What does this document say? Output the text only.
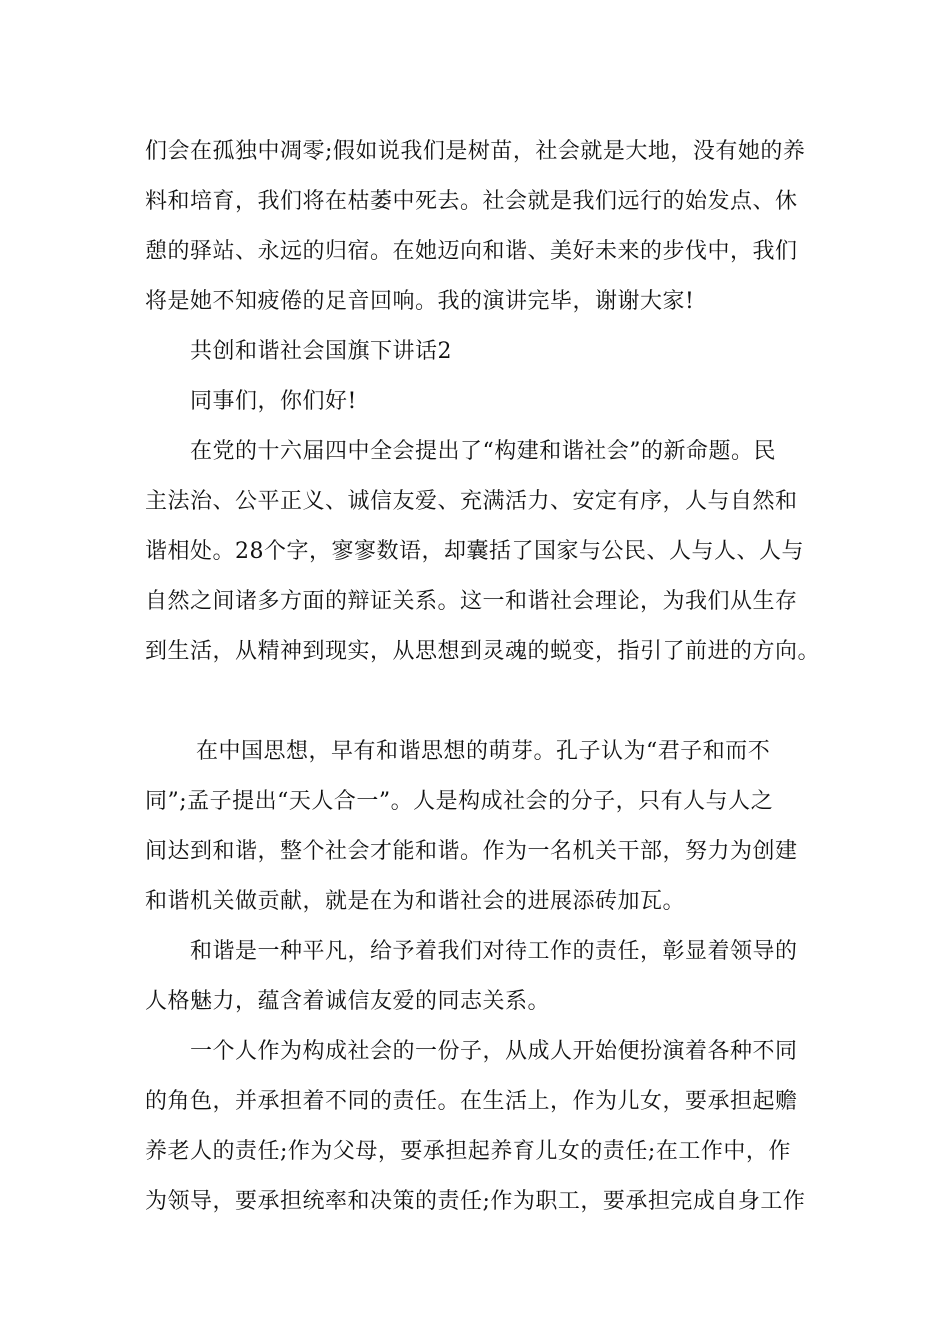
们会在孤独中凋零;假如说我们是树苗，社会就是大地，没有她的养
料和培育，我们将在枯萎中死去。社会就是我们远行的始发点、休
憩的驿站、永远的归宿。在她迈向和谐、美好未来的步伐中，我们
将是她不知疲倦的足音回响。我的演讲完毕，谢谢大家!
共创和谐社会国旗下讲话2
同事们，你们好!
在党的十六届四中全会提出了“构建和谐社会”的新命题。民
主法治、公平正义、诚信友爱、充满活力、安定有序，人与自然和
谐相处。28个字，寥寥数语，却囊括了国家与公民、人与人、人与
自然之间诸多方面的辩证关系。这一和谐社会理论，为我们从生存
到生活，从精神到现实，从思想到灵魂的蜕变，指引了前进的方向。
在中国思想，早有和谐思想的萌芽。孔子认为“君子和而不
同”;孟子提出“天人合一”。人是构成社会的分子，只有人与人之
间达到和谐，整个社会才能和谐。作为一名机关干部，努力为创建
和谐机关做贡献，就是在为和谐社会的进展添砖加瓦。
和谐是一种平凡，给予着我们对待工作的责任，彰显着领导的
人格魅力，蕴含着诚信友爱的同志关系。
一个人作为构成社会的一份子，从成人开始便扮演着各种不同
的角色，并承担着不同的责任。在生活上，作为儿女，要承担起赡
养老人的责任;作为父母，要承担起养育儿女的责任;在工作中，作
为领导，要承担统率和决策的责任;作为职工，要承担完成自身工作
